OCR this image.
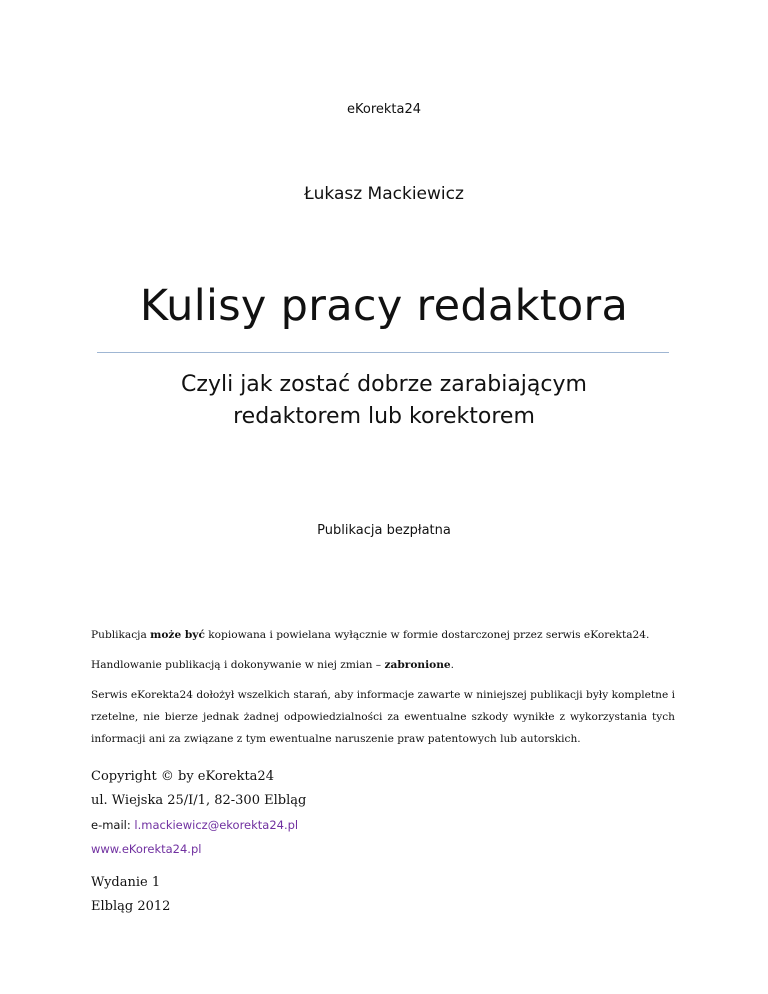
eKorekta24
Łukasz Mackiewicz
Kulisy pracy redaktora
Czyli jak zostać dobrze zarabiającym
redaktorem lub korektorem
Publikacja bezpłatna

Publikacja może być kopiowana i powielana wyłącznie w formie dostarczonej przez serwis eKorekta24.

Handlowanie publikacją i dokonywanie w niej zmian – zabronione.

Serwis eKorekta24 dołożył wszelkich starań, aby informacje zawarte w niniejszej publikacji były kompletne i rzetelne, nie bierze jednak żadnej odpowiedzialności za ewentualne szkody wynikłe z wykorzystania tych informacji ani za związane z tym ewentualne naruszenie praw patentowych lub autorskich.

Copyright © by eKorekta24
ul. Wiejska 25/I/1, 82-300 Elbląg
e-mail: l.mackiewicz@ekorekta24.pl
www.eKorekta24.pl
Wydanie 1
Elbląg 2012
